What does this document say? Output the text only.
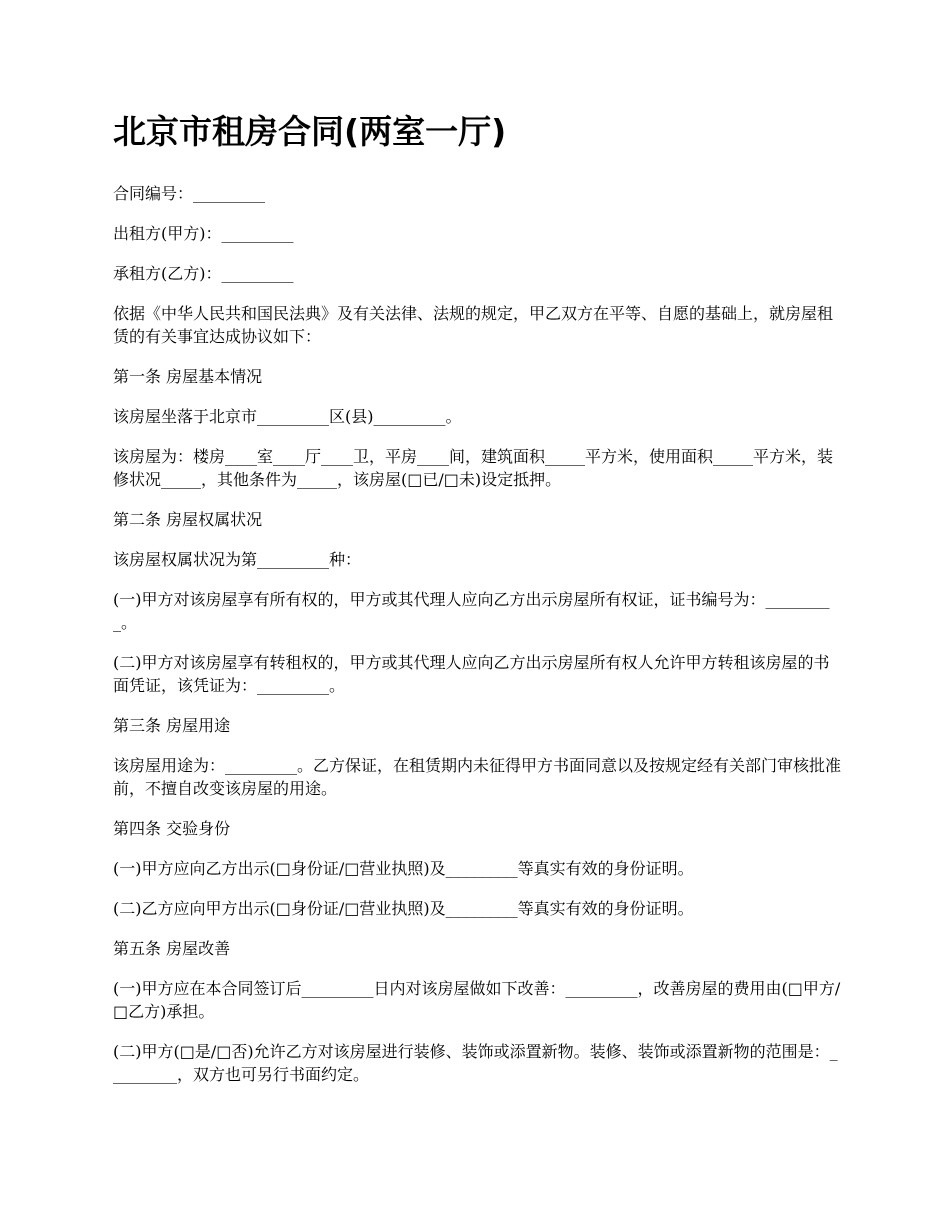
北京市租房合同(两室一厅)

合同编号：_________

出租方(甲方)：_________

承租方(乙方)：_________

依据《中华人民共和国民法典》及有关法律、法规的规定，甲乙双方在平等、自愿的基础上，就房屋租赁的有关事宜达成协议如下：

第一条 房屋基本情况

该房屋坐落于北京市_________区(县)_________。

该房屋为：楼房____室____厅____卫，平房____间，建筑面积_____平方米，使用面积_____平方米，装修状况_____，其他条件为_____，该房屋(□已/□未)设定抵押。

第二条 房屋权属状况

该房屋权属状况为第_________种：

(一)甲方对该房屋享有所有权的，甲方或其代理人应向乙方出示房屋所有权证，证书编号为：_________。

(二)甲方对该房屋享有转租权的，甲方或其代理人应向乙方出示房屋所有权人允许甲方转租该房屋的书面凭证，该凭证为：_________。

第三条 房屋用途

该房屋用途为：_________。乙方保证，在租赁期内未征得甲方书面同意以及按规定经有关部门审核批准前，不擅自改变该房屋的用途。

第四条 交验身份

(一)甲方应向乙方出示(□身份证/□营业执照)及_________等真实有效的身份证明。

(二)乙方应向甲方出示(□身份证/□营业执照)及_________等真实有效的身份证明。

第五条 房屋改善

(一)甲方应在本合同签订后_________日内对该房屋做如下改善：_________，改善房屋的费用由(□甲方/□乙方)承担。

(二)甲方(□是/□否)允许乙方对该房屋进行装修、装饰或添置新物。装修、装饰或添置新物的范围是：_________，双方也可另行书面约定。
